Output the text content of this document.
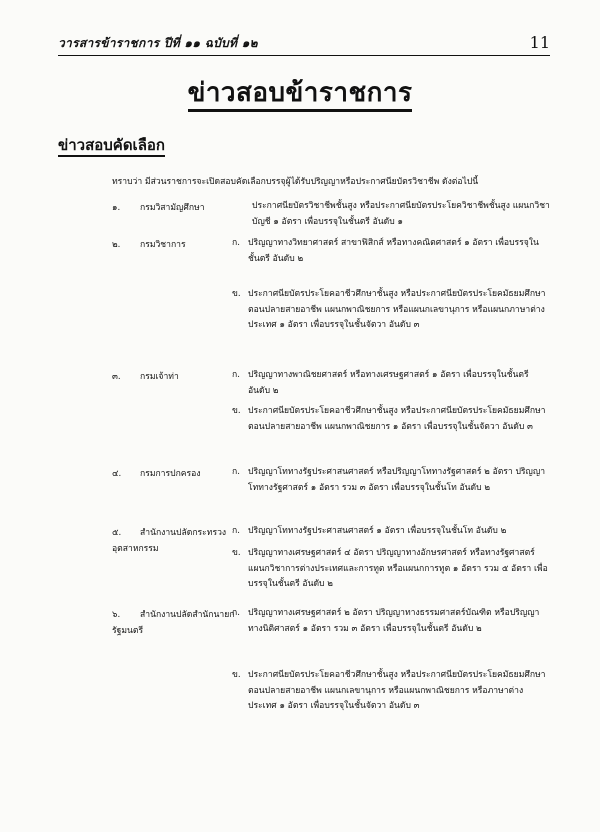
วารสารข้าราชการ ปีที่ ๑๑ ฉบับที่ ๑๒	11
ข่าวสอบข้าราชการ
ข่าวสอบคัดเลือก
ทราบว่า มีส่วนราชการจะเปิดสอบคัดเลือกบรรจุผู้ได้รับปริญญาหรือประกาศนียบัตรวิชาชีพ ดังต่อไปนี้
๑. กรมวิสามัญศึกษา	ประกาศนียบัตรวิชาชีพชั้นสูง หรือประกาศนียบัตรประโยควิชาชีพชั้นสูง แผนกวิชาบัญชี ๑ อัตรา เพื่อบรรจุในชั้นตรี อันดับ ๑
๒. กรมวิชาการ	ก. ปริญญาทางวิทยาศาสตร์ สาขาฟิสิกส์ หรือทางคณิตศาสตร์ ๑ อัตรา เพื่อบรรจุในชั้นตรี อันดับ ๒
ข. ประกาศนียบัตรประโยคอาชีวศึกษาชั้นสูง หรือประกาศนียบัตรประโยคมัธยมศึกษาตอนปลายสายอาชีพ แผนกพาณิชยการ หรือแผนกเลขานุการ หรือแผนกภาษาต่างประเทศ ๑ อัตรา เพื่อบรรจุในชั้นจัตวา อันดับ ๓
๓. กรมเจ้าท่า	ก. ปริญญาทางพาณิชยศาสตร์ หรือทางเศรษฐศาสตร์ ๑ อัตรา เพื่อบรรจุในชั้นตรี อันดับ ๒
ข. ประกาศนียบัตรประโยคอาชีวศึกษาชั้นสูง หรือประกาศนียบัตรประโยคมัธยมศึกษาตอนปลายสายอาชีพ แผนกพาณิชยการ ๑ อัตรา เพื่อบรรจุในชั้นจัตวา อันดับ ๓
๔. กรมการปกครอง	ก. ปริญญาโททางรัฐประศาสนศาสตร์ หรือปริญญาโททางรัฐศาสตร์ ๒ อัตรา ปริญญาโททางรัฐศาสตร์ ๑ อัตรา รวม ๓ อัตรา เพื่อบรรจุในชั้นโท อันดับ ๒
๕. สำนักงานปลัดกระทรวงอุตสาหกรรม
ก. ปริญญาโททางรัฐประศาสนศาสตร์ ๑ อัตรา เพื่อบรรจุในชั้นโท อันดับ ๒
ข. ปริญญาทางเศรษฐศาสตร์ ๔ อัตรา ปริญญาทางอักษรศาสตร์ หรือทางรัฐศาสตร์ แผนกวิชาการต่างประเทศและการทูต หรือแผนกการทูต ๑ อัตรา รวม ๕ อัตรา เพื่อบรรจุในชั้นตรี อันดับ ๒
๖. สำนักงานปลัดสำนักนายกรัฐมนตรี
ก. ปริญญาทางเศรษฐศาสตร์ ๒ อัตรา ปริญญาทางธรรมศาสตร์บัณฑิต หรือปริญญาทางนิติศาสตร์ ๑ อัตรา รวม ๓ อัตรา เพื่อบรรจุในชั้นตรี อันดับ ๒
ข. ประกาศนียบัตรประโยคอาชีวศึกษาชั้นสูง หรือประกาศนียบัตรประโยคมัธยมศึกษาตอนปลายสายอาชีพ แผนกเลขานุการ หรือแผนกพาณิชยการ หรือภาษาต่างประเทศ ๑ อัตรา เพื่อบรรจุในชั้นจัตวา อันดับ ๓
